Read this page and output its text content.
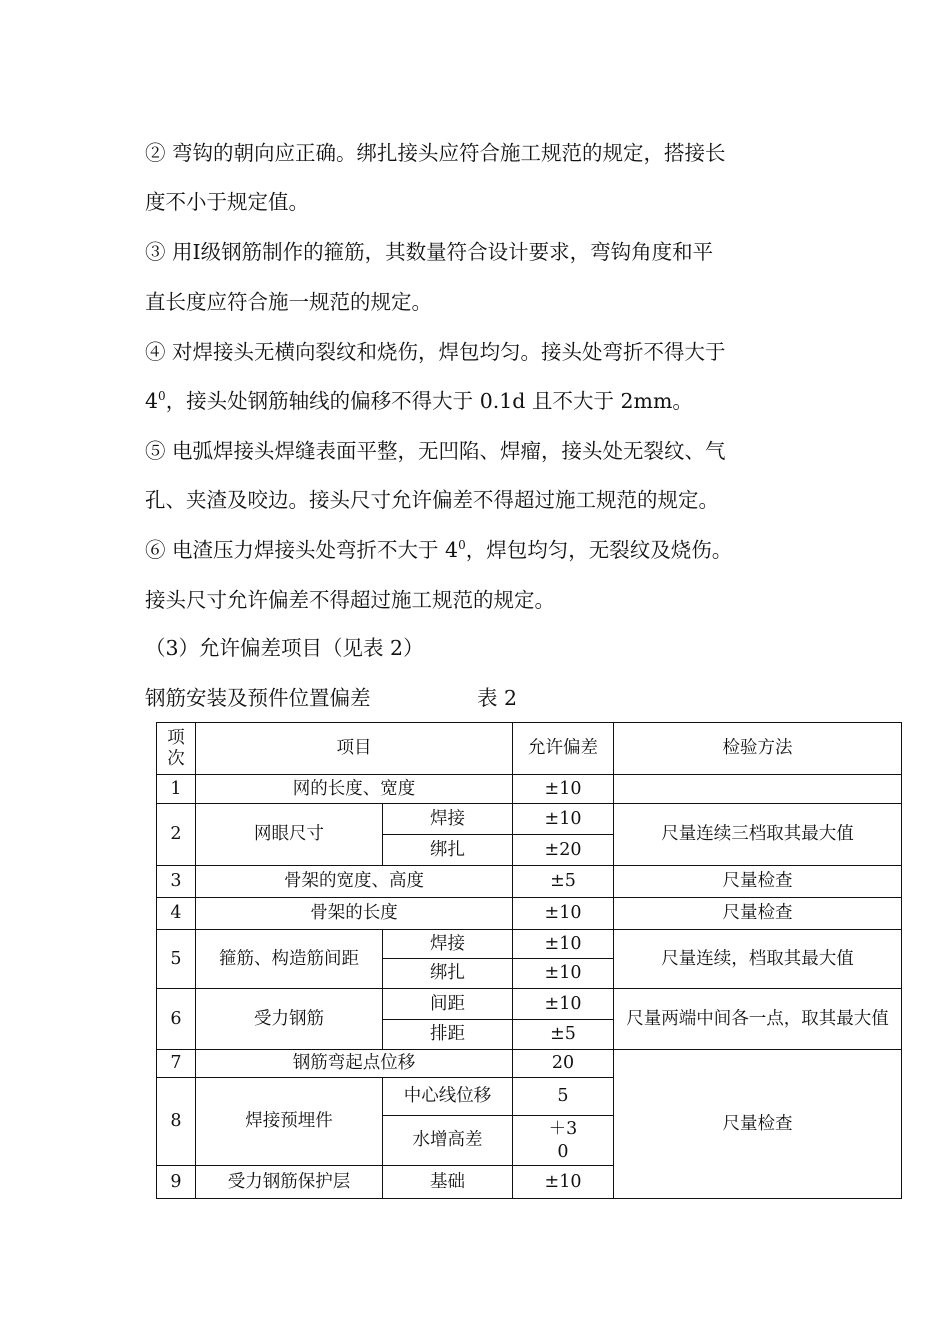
② 弯钩的朝向应正确。绑扎接头应符合施工规范的规定，搭接长

度不小于规定值。

③ 用Ⅰ级钢筋制作的箍筋，其数量符合设计要求，弯钩角度和平

直长度应符合施一规范的规定。

④ 对焊接头无横向裂纹和烧伤，焊包均匀。接头处弯折不得大于

$4^0$，接头处钢筋轴线的偏移不得大于 0.1d 且不大于 2mm。

⑤ 电弧焊接头焊缝表面平整，无凹陷、焊瘤，接头处无裂纹、气

孔、夹渣及咬边。接头尺寸允许偏差不得超过施工规范的规定。

⑥ 电渣压力焊接头处弯折不大于 $4^0$，焊包均匀，无裂纹及烧伤。

接头尺寸允许偏差不得超过施工规范的规定。

（3）允许偏差项目（见表 2）

钢筋安装及预件位置偏差	表 2
项次	项目		允许偏差	检验方法
1	网的长度、宽度		±10	
2	网眼尺寸	焊接	±10	尺量连续三档取其最大值
		绑扎	±20	
3	骨架的宽度、高度		±5	尺量检查
4	骨架的长度		±10	尺量检查
5	箍筋、构造筋间距	焊接	±10	尺量连续，档取其最大值
		绑扎	±10	
6	受力钢筋	间距	±10	尺量两端中间各一点，取其最大值
		排距	±5	
7	钢筋弯起点位移		20	尺量检查
8	焊接预埋件	中心线位移	5	
		水增高差	＋3
0	

9	受力钢筋保护层	基础	±10	
